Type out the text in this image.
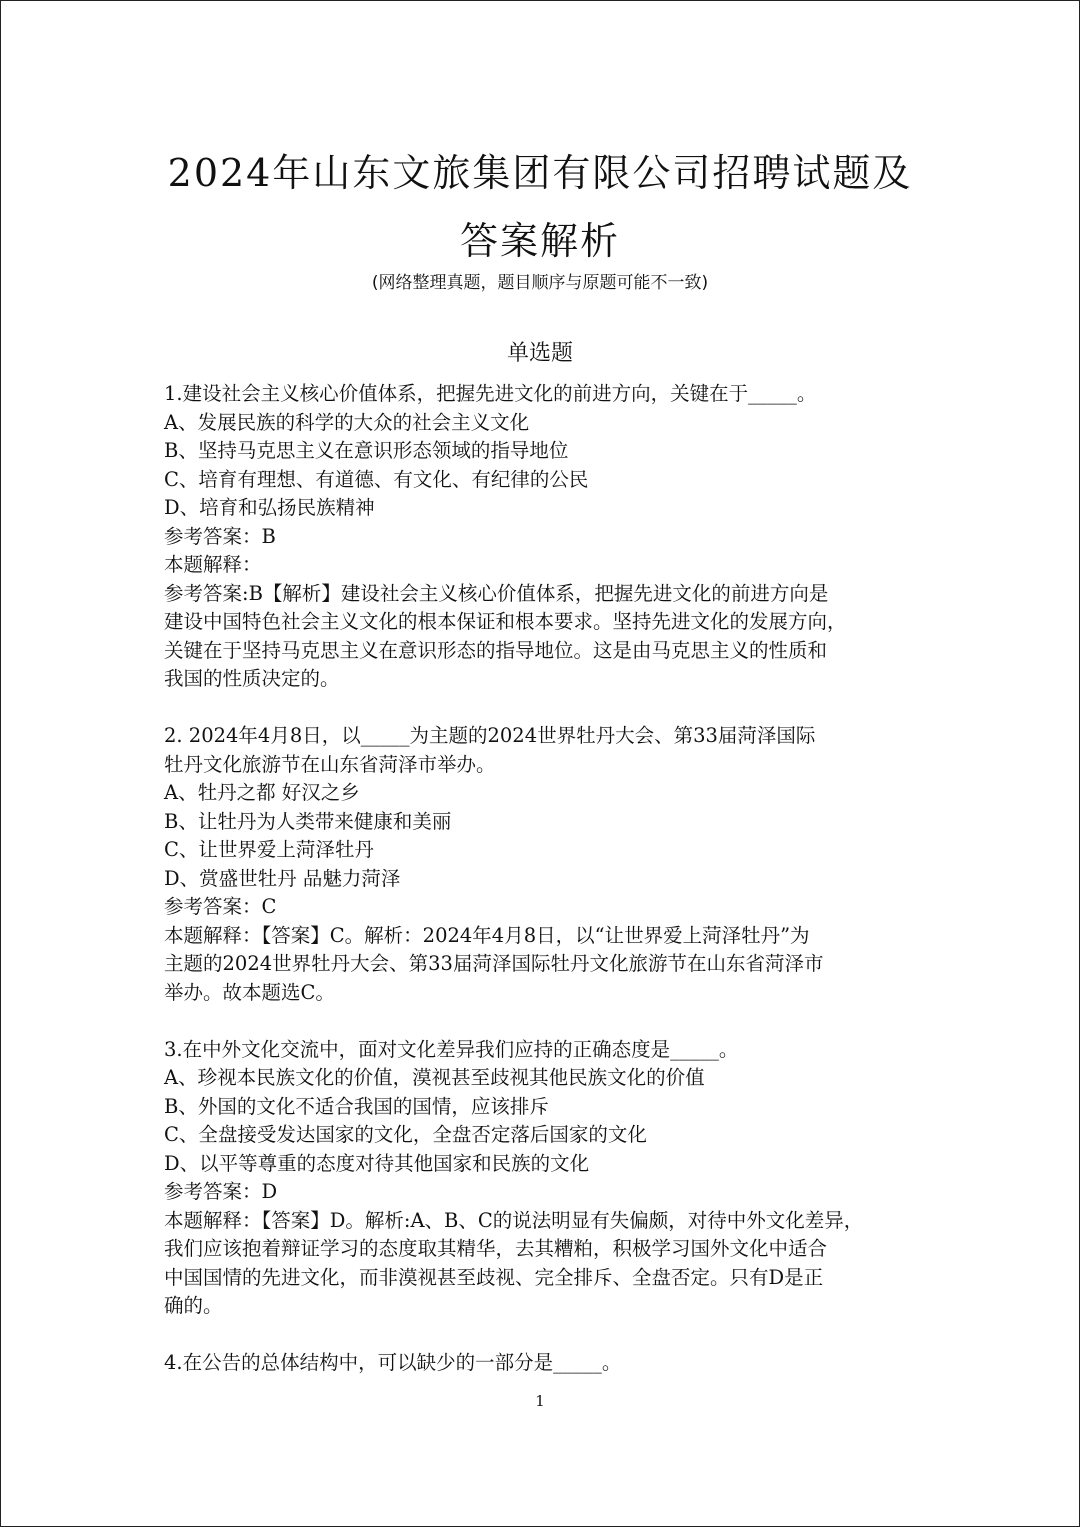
2024年山东文旅集团有限公司招聘试题及
答案解析
(网络整理真题，题目顺序与原题可能不一致)
单选题

1.建设社会主义核心价值体系，把握先进文化的前进方向，关键在于_____。

A、发展民族的科学的大众的社会主义文化

B、坚持马克思主义在意识形态领域的指导地位

C、培育有理想、有道德、有文化、有纪律的公民

D、培育和弘扬民族精神

参考答案：B

本题解释：

参考答案:B【解析】建设社会主义核心价值体系，把握先进文化的前进方向是

建设中国特色社会主义文化的根本保证和根本要求。坚持先进文化的发展方向，

关键在于坚持马克思主义在意识形态的指导地位。这是由马克思主义的性质和

我国的性质决定的。

2. 2024年4月8日，以_____为主题的2024世界牡丹大会、第33届菏泽国际

牡丹文化旅游节在山东省菏泽市举办。

A、牡丹之都 好汉之乡

B、让牡丹为人类带来健康和美丽

C、让世界爱上菏泽牡丹

D、赏盛世牡丹 品魅力菏泽

参考答案：C

本题解释：【答案】C。解析：2024年4月8日，以“让世界爱上菏泽牡丹”为

主题的2024世界牡丹大会、第33届菏泽国际牡丹文化旅游节在山东省菏泽市

举办。故本题选C。

3.在中外文化交流中，面对文化差异我们应持的正确态度是_____。

A、珍视本民族文化的价值，漠视甚至歧视其他民族文化的价值

B、外国的文化不适合我国的国情，应该排斥

C、全盘接受发达国家的文化，全盘否定落后国家的文化

D、以平等尊重的态度对待其他国家和民族的文化

参考答案：D

本题解释：【答案】D。解析:A、B、C的说法明显有失偏颇，对待中外文化差异，

我们应该抱着辩证学习的态度取其精华，去其糟粕，积极学习国外文化中适合

中国国情的先进文化，而非漠视甚至歧视、完全排斥、全盘否定。只有D是正

确的。

4.在公告的总体结构中，可以缺少的一部分是_____。

1
